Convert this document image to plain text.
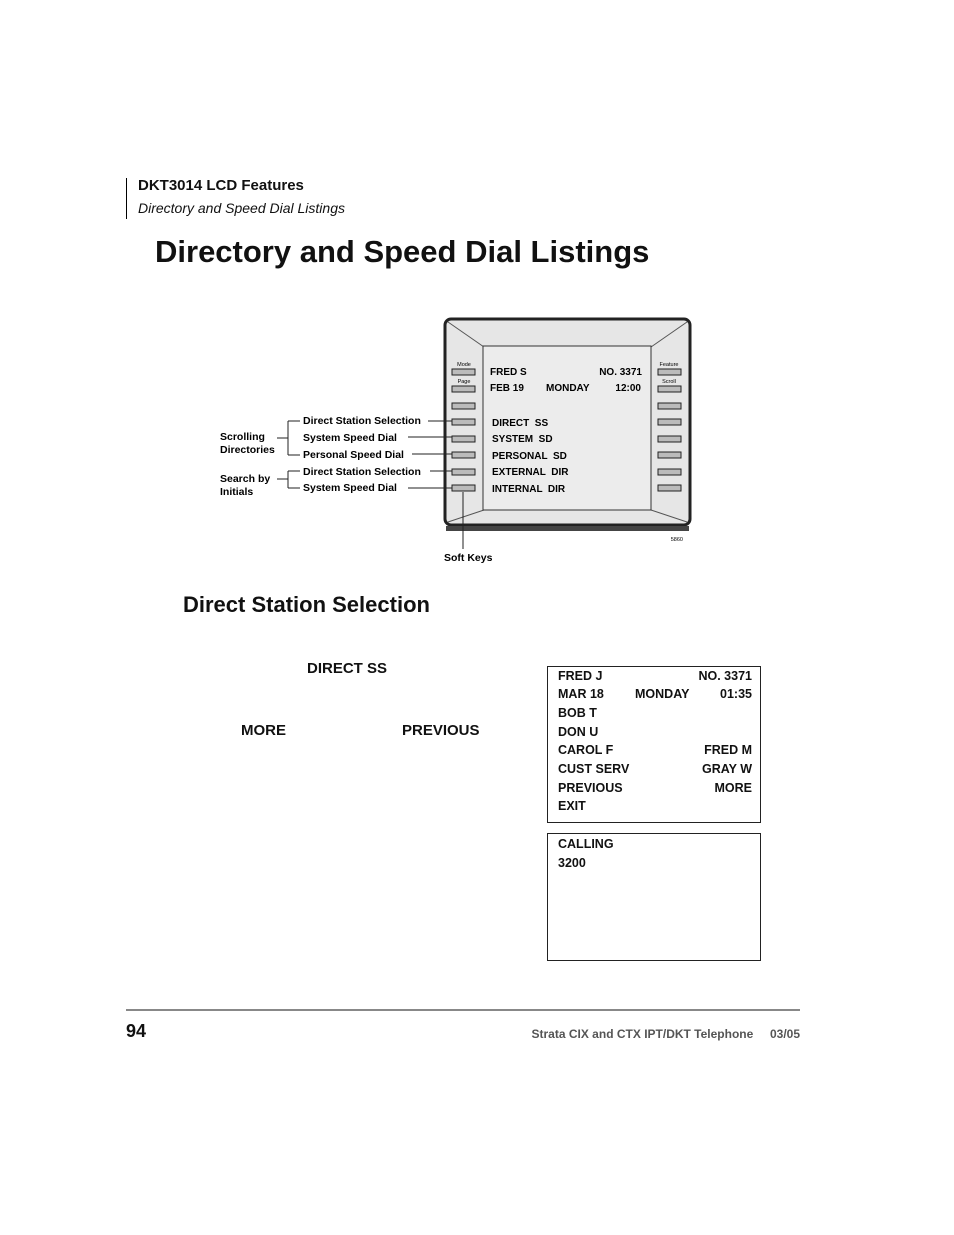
DKT3014 LCD Features
Directory and Speed Dial Listings
Directory and Speed Dial Listings
Mode
Page
Feature
Scroll
FRED S	NO. 3371
FEB 19 MONDAY	12:00
DIRECT  SS
SYSTEM  SD
PERSONAL  SD
EXTERNAL  DIR
INTERNAL  DIR
Direct Station Selection
System Speed Dial
Personal Speed Dial
Direct Station Selection
System Speed Dial
Scrolling Directories
Search by Initials
Soft Keys
5860
Direct Station Selection
DIRECT SS
MORE	PREVIOUS
FRED J	NO. 3371
MAR 18 MONDAY 01:35
BOB T
DON U
CAROL F	FRED M
CUST SERV	GRAY W
PREVIOUS	MORE
EXIT
CALLING
3200
94	Strata CIX and CTX IPT/DKT Telephone     03/05
